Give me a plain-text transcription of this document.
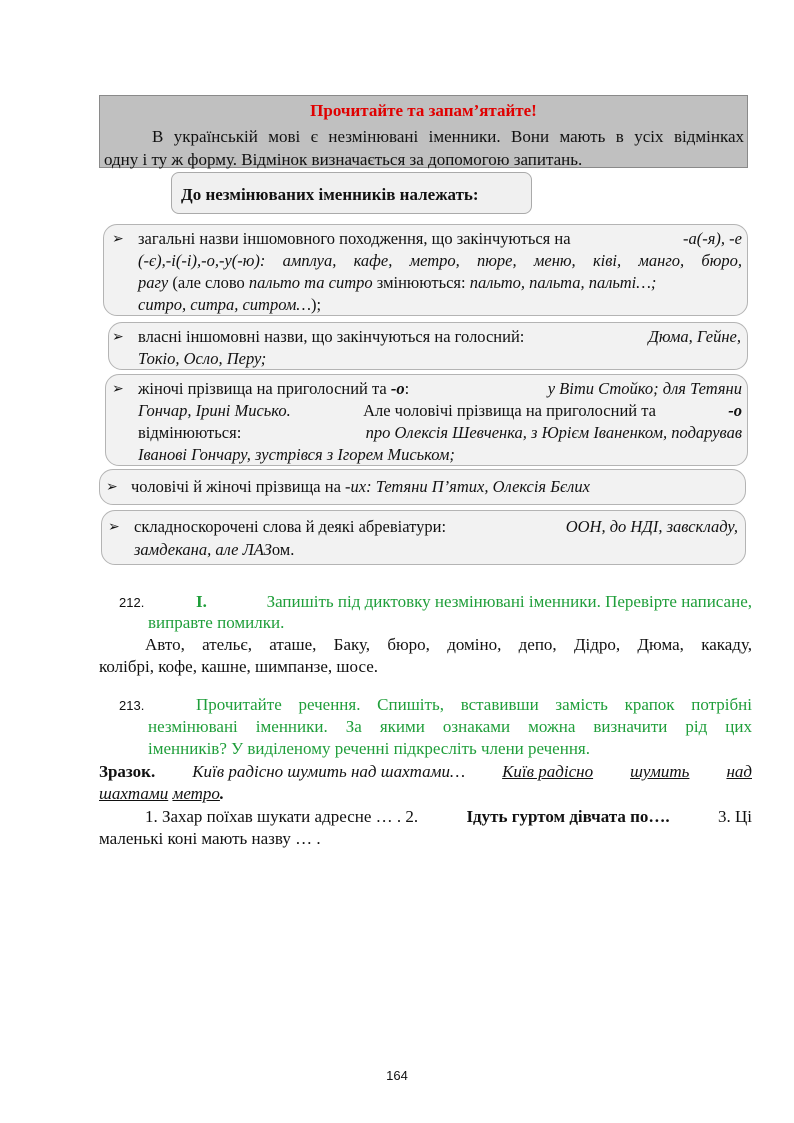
Прочитайте та запам’ятайте!
В українській мові є незмінювані іменники. Вони мають в усіх відмінках
одну і ту ж форму. Відмінок визначається за допомогою запитань.
До незмінюваних іменників належать:
➢ загальні назви іншомовного походження, що закінчуються на	-а(-я), -е
(-є),-і(-і),-о,-у(-ю): амплуа, кафе, метро, пюре, меню, ківі, манго, бюро,
рагу (але слово пальто та ситро змінюються: пальто, пальта, пальті…;
ситро, ситра, ситром…);
➢ власні іншомовні назви, що закінчуються на голосний:	Дюма, Гейне,
Токіо, Осло, Перу;
➢ жіночі прізвища на приголосний та -о:	у Віти Стойко; для Тетяни
Гончар, Ірині Мисько.	Але чоловічі прізвища на приголосний та	-о
відмінюються:	про Олексія Шевченка, з Юрієм Іваненком, подарував
Іванові Гончару, зустрівся з Ігорем Миськом;
➢ чоловічі й жіночі прізвища на -их: Тетяни П’ятих, Олексія Бєлих
➢ складноскорочені слова й деякі абревіатури:	ООН, до НДІ, завскладу,
замдекана, але ЛАЗом.
212.	І.	Запишіть під диктовку незмінювані іменники. Перевірте написане,
виправте помилки.
Авто, ательє, аташе, Баку, бюро, доміно, депо, Дідро, Дюма, какаду,
колібрі, кофе, кашне, шимпанзе, шосе.
213.	Прочитайте речення. Спишіть, вставивши замість крапок потрібні
незмінювані іменники. За якими ознаками можна визначити рід цих
іменників? У виділеному реченні підкресліть члени речення.
Зразок. Київ радісно шумить над шахтами… Київ радісно шумить над
шахтами метро.
1. Захар поїхав шукати адресне … . 2.	Ідуть гуртом дівчата по….	3. Ці
маленькі коні мають назву … .
164
